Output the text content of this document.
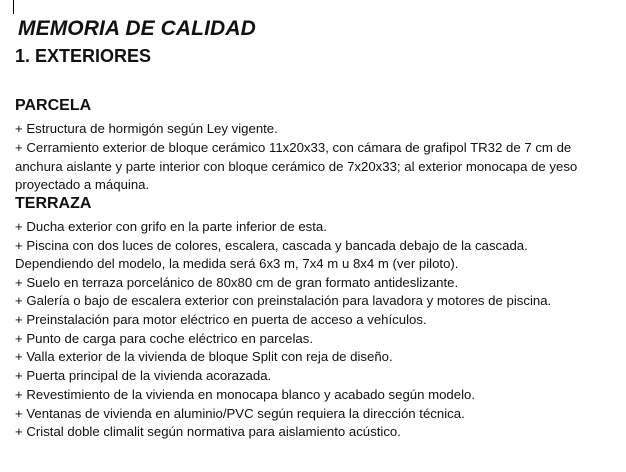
MEMORIA DE CALIDAD
1. EXTERIORES
PARCELA
+ Estructura de hormigón según Ley vigente.
+ Cerramiento exterior de bloque cerámico 11x20x33, con cámara de grafipol TR32 de 7 cm de
anchura aislante y parte interior con bloque cerámico de 7x20x33; al exterior monocapa de yeso
proyectado a máquina.
TERRAZA
+ Ducha exterior con grifo en la parte inferior de esta.
+ Piscina con dos luces de colores, escalera, cascada y bancada debajo de la cascada.
Dependiendo del modelo, la medida será 6x3 m, 7x4 m u 8x4 m (ver piloto).
+ Suelo en terraza porcelánico de 80x80 cm de gran formato antideslizante.
+ Galería o bajo de escalera exterior con preinstalación para lavadora y motores de piscina.
+ Preinstalación para motor eléctrico en puerta de acceso a vehículos.
+ Punto de carga para coche eléctrico en parcelas.
+ Valla exterior de la vivienda de bloque Split con reja de diseño.
+ Puerta principal de la vivienda acorazada.
+ Revestimiento de la vivienda en monocapa blanco y acabado según modelo.
+ Ventanas de vivienda en aluminio/PVC según requiera la dirección técnica.
+ Cristal doble climalit según normativa para aislamiento acústico.
